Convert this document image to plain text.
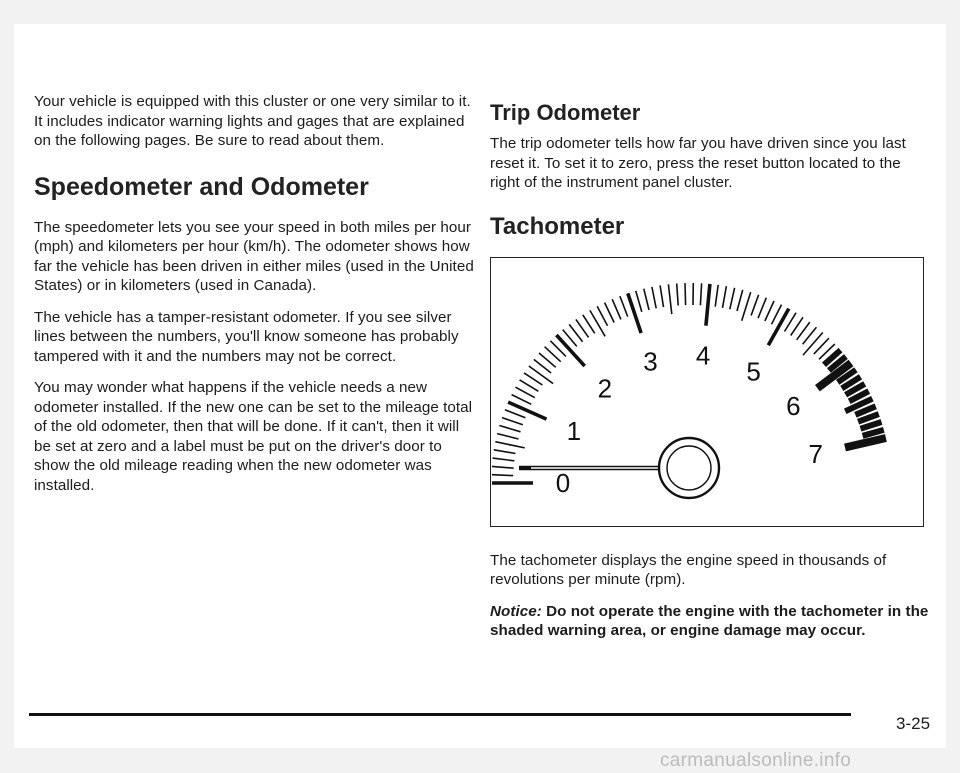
Your vehicle is equipped with this cluster or one very similar to it. It includes indicator warning lights and gages that are explained on the following pages. Be sure to read about them.

Speedometer and Odometer

The speedometer lets you see your speed in both miles per hour (mph) and kilometers per hour (km/h). The odometer shows how far the vehicle has been driven in either miles (used in the United States) or in kilometers (used in Canada).

The vehicle has a tamper-resistant odometer. If you see silver lines between the numbers, you'll know someone has probably tampered with it and the numbers may not be correct.

You may wonder what happens if the vehicle needs a new odometer installed. If the new one can be set to the mileage total of the old odometer, then that will be done. If it can't, then it will be set at zero and a label must be put on the driver's door to show the old mileage reading when the new odometer was installed.

Trip Odometer

The trip odometer tells how far you have driven since you last reset it. To set it to zero, press the reset button located to the right of the instrument panel cluster.

Tachometer
0
1
2
3 4
5
6
7

The tachometer displays the engine speed in thousands of revolutions per minute (rpm).

Notice: Do not operate the engine with the tachometer in the shaded warning area, or engine damage may occur.

3-25
carmanualsonline.info
